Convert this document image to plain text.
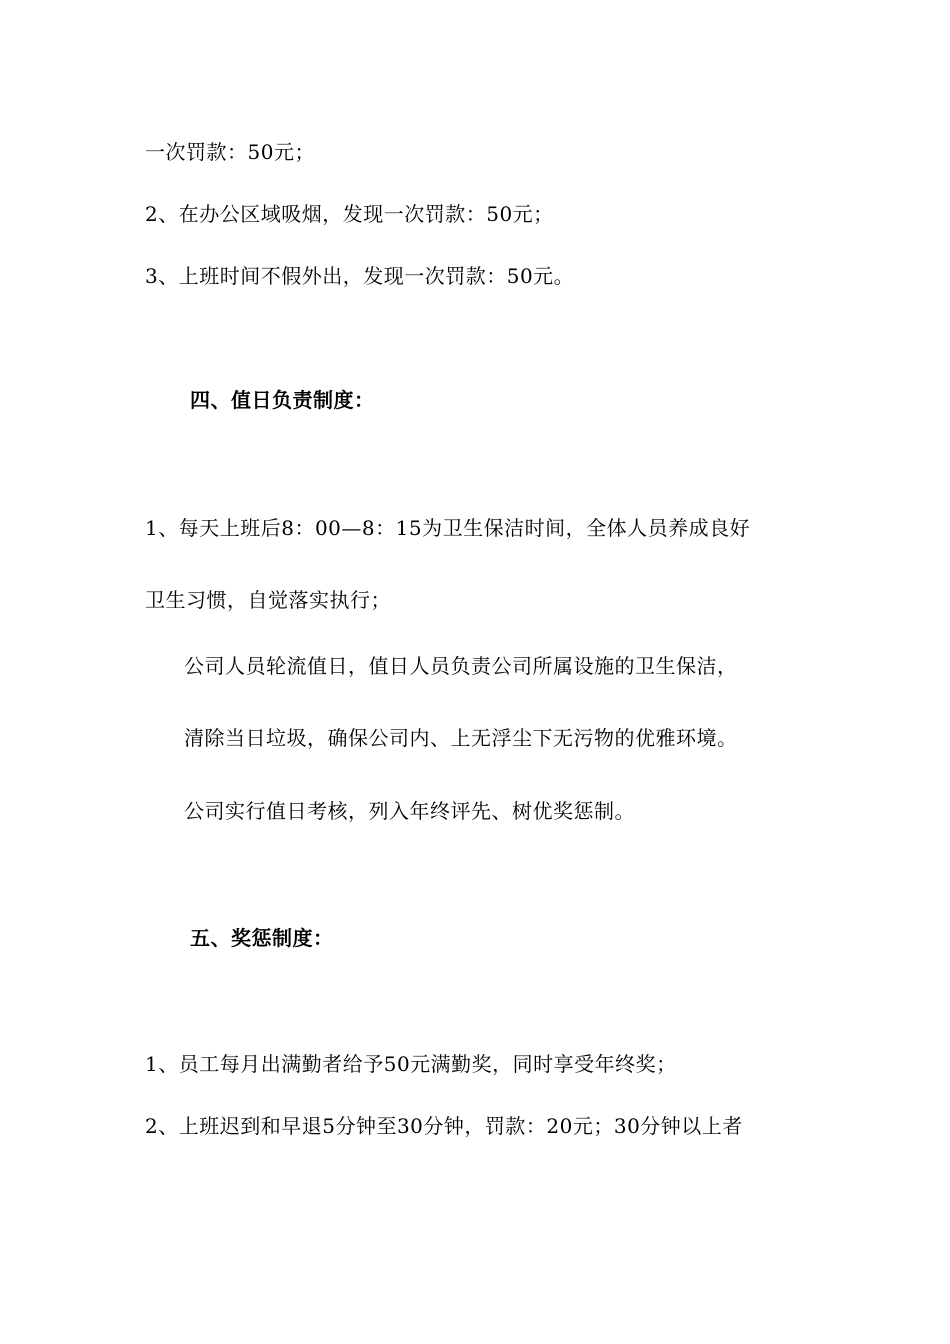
一次罚款：50元；

2、在办公区域吸烟，发现一次罚款：50元；

3、上班时间不假外出，发现一次罚款：50元。

四、值日负责制度：

1、每天上班后8：00—8：15为卫生保洁时间，全体人员养成良好

卫生习惯，自觉落实执行；

公司人员轮流值日，值日人员负责公司所属设施的卫生保洁，

清除当日垃圾，确保公司内、上无浮尘下无污物的优雅环境。

公司实行值日考核，列入年终评先、树优奖惩制。

五、奖惩制度：

1、员工每月出满勤者给予50元满勤奖，同时享受年终奖；

2、上班迟到和早退5分钟至30分钟，罚款：20元；30分钟以上者
